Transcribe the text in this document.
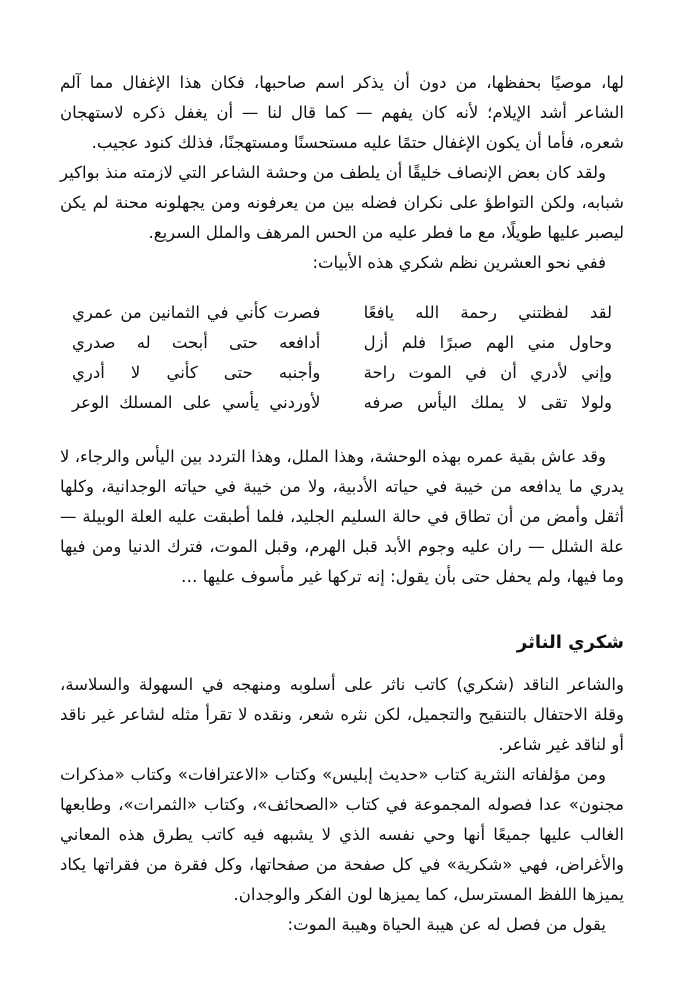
لها، موصيًا بحفظها، من دون أن يذكر اسم صاحبها، فكان هذا الإغفال مما آلم الشاعر أشد الإيلام؛ لأنه كان يفهم — كما قال لنا — أن يغفل ذكره لاستهجان شعره، فأما أن يكون الإغفال حتمًا عليه مستحسنًا ومستهجنًا، فذلك كنود عجيب.

ولقد كان بعض الإنصاف خليقًا أن يلطف من وحشة الشاعر التي لازمته منذ بواكير شبابه، ولكن التواطؤ على نكران فضله بين من يعرفونه ومن يجهلونه محنة لم يكن ليصبر عليها طويلًا، مع ما فطر عليه من الحس المرهف والملل السريع.

ففي نحو العشرين نظم شكري هذه الأبيات:

لقد لفظتني رحمة الله يافعًا
فصرت كأني في الثمانين من عمري
وحاول مني الهم صبرًا فلم أزل
أدافعه حتى أبحت له صدري
وإني لأدري أن في الموت راحة
وأجنبه حتى كأني لا أدري
ولولا تقى لا يملك اليأس صرفه
لأوردني يأسي على المسلك الوعر

وقد عاش بقية عمره بهذه الوحشة، وهذا الملل، وهذا التردد بين اليأس والرجاء، لا يدري ما يدافعه من خيبة في حياته الأدبية، ولا من خيبة في حياته الوجدانية، وكلها أثقل وأمض من أن تطاق في حالة السليم الجليد، فلما أطبقت عليه العلة الوبيلة — علة الشلل — ران عليه وجوم الأبد قبل الهرم، وقبل الموت، فترك الدنيا ومن فيها وما فيها، ولم يحفل حتى بأن يقول: إنه تركها غير مأسوف عليها …

شكري الناثر

والشاعر الناقد (شكري) كاتب ناثر على أسلوبه ومنهجه في السهولة والسلاسة، وقلة الاحتفال بالتنقيح والتجميل، لكن نثره شعر، ونقده لا تقرأ مثله لشاعر غير ناقد أو لناقد غير شاعر.

ومن مؤلفاته النثرية كتاب «حديث إبليس» وكتاب «الاعترافات» وكتاب «مذكرات مجنون» عدا فصوله المجموعة في كتاب «الصحائف»، وكتاب «الثمرات»، وطابعها الغالب عليها جميعًا أنها وحي نفسه الذي لا يشبهه فيه كاتب يطرق هذه المعاني والأغراض، فهي «شكرية» في كل صفحة من صفحاتها، وكل فقرة من فقراتها يكاد يميزها اللفظ المسترسل، كما يميزها لون الفكر والوجدان.

يقول من فصل له عن هيبة الحياة وهيبة الموت:
